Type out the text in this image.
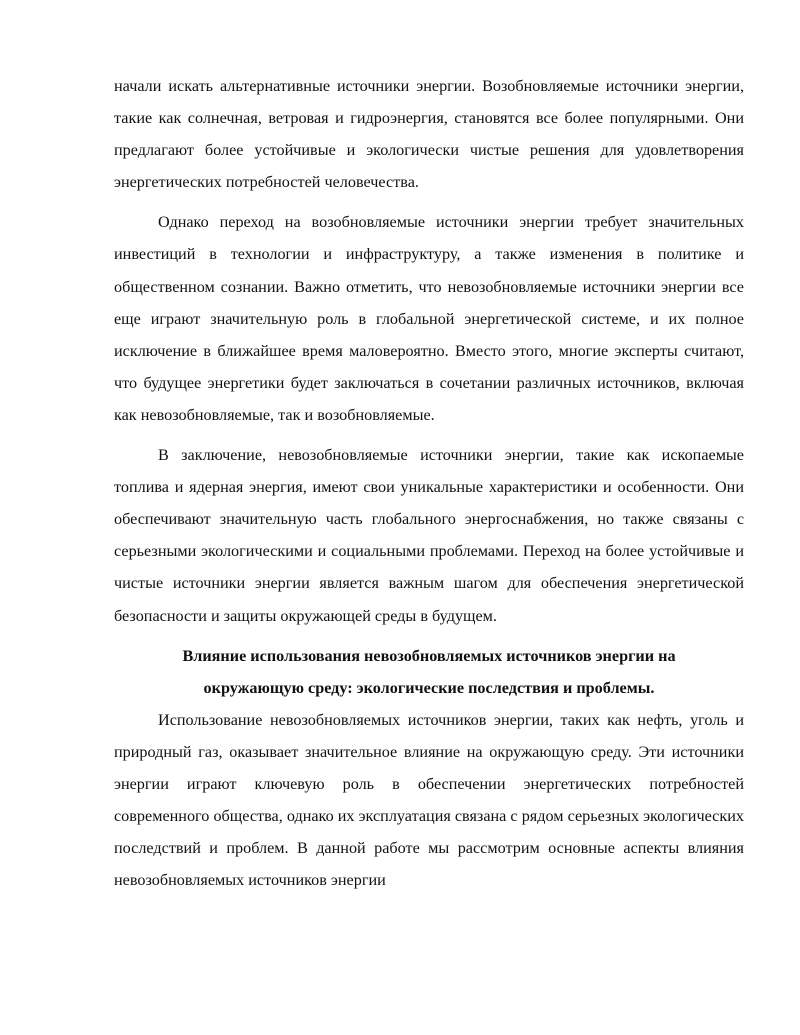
начали искать альтернативные источники энергии. Возобновляемые источники энергии, такие как солнечная, ветровая и гидроэнергия, становятся все более популярными. Они предлагают более устойчивые и экологически чистые решения для удовлетворения энергетических потребностей человечества.

Однако переход на возобновляемые источники энергии требует значительных инвестиций в технологии и инфраструктуру, а также изменения в политике и общественном сознании. Важно отметить, что невозобновляемые источники энергии все еще играют значительную роль в глобальной энергетической системе, и их полное исключение в ближайшее время маловероятно. Вместо этого, многие эксперты считают, что будущее энергетики будет заключаться в сочетании различных источников, включая как невозобновляемые, так и возобновляемые.

В заключение, невозобновляемые источники энергии, такие как ископаемые топлива и ядерная энергия, имеют свои уникальные характеристики и особенности. Они обеспечивают значительную часть глобального энергоснабжения, но также связаны с серьезными экологическими и социальными проблемами. Переход на более устойчивые и чистые источники энергии является важным шагом для обеспечения энергетической безопасности и защиты окружающей среды в будущем.

Влияние использования невозобновляемых источников энергии на окружающую среду: экологические последствия и проблемы.

Использование невозобновляемых источников энергии, таких как нефть, уголь и природный газ, оказывает значительное влияние на окружающую среду. Эти источники энергии играют ключевую роль в обеспечении энергетических потребностей современного общества, однако их эксплуатация связана с рядом серьезных экологических последствий и проблем. В данной работе мы рассмотрим основные аспекты влияния невозобновляемых источников энергии
